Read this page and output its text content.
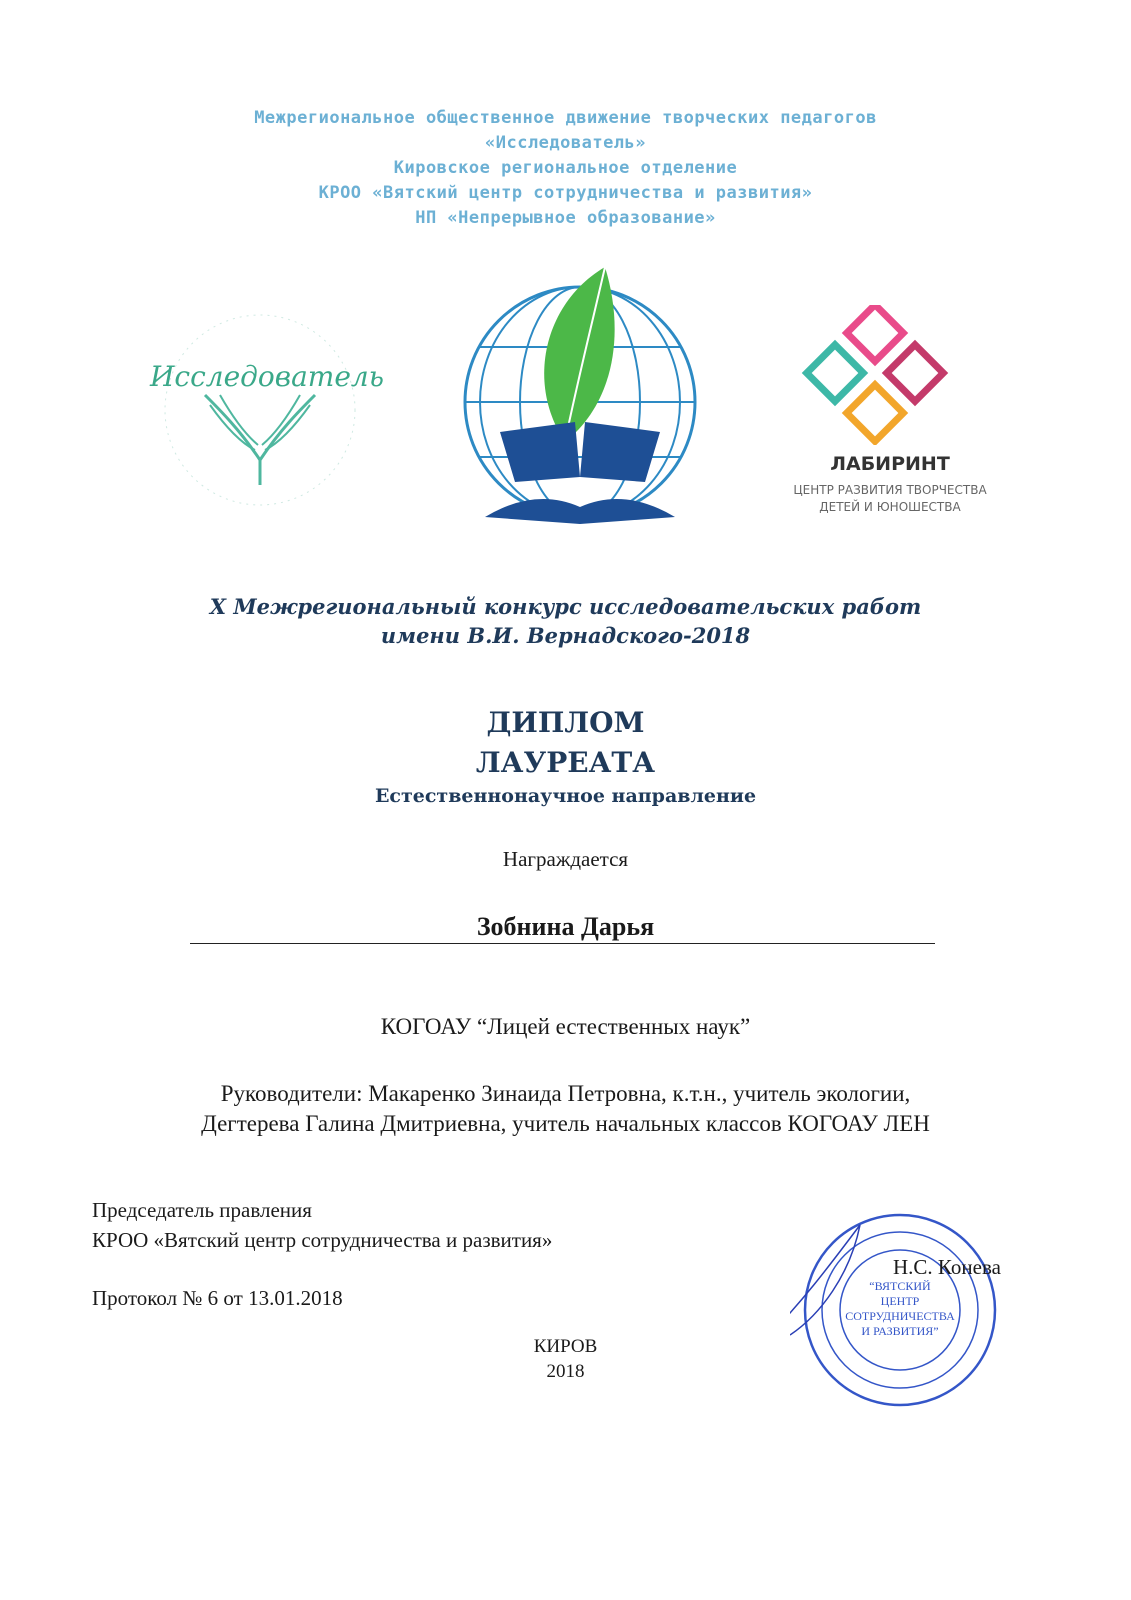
Межрегиональное общественное движение творческих педагогов
«Исследователь»
Кировское региональное отделение
КРОО «Вятский центр сотрудничества и развития»
НП «Непрерывное образование»
Исследователь
ЛАБИРИНТ
ЦЕНТР РАЗВИТИЯ ТВОРЧЕСТВА
ДЕТЕЙ И ЮНОШЕСТВА
X Межрегиональный конкурс исследовательских работ
имени В.И. Вернадского-2018
ДИПЛОМ
ЛАУРЕАТА
Естественнонаучное направление
Награждается
Зобнина Дарья
КОГОАУ “Лицей естественных наук”
Руководители: Макаренко Зинаида Петровна, к.т.н., учитель экологии,
Дегтерева Галина Дмитриевна, учитель начальных классов КОГОАУ ЛЕН
Председатель правления
КРОО «Вятский центр сотрудничества и развития»
Протокол № 6 от 13.01.2018	“ВЯТСКИЙ
ЦЕНТР
СОТРУДНИЧЕСТВА
И РАЗВИТИЯ”
Н.С. Конева
КИРОВ
2018
